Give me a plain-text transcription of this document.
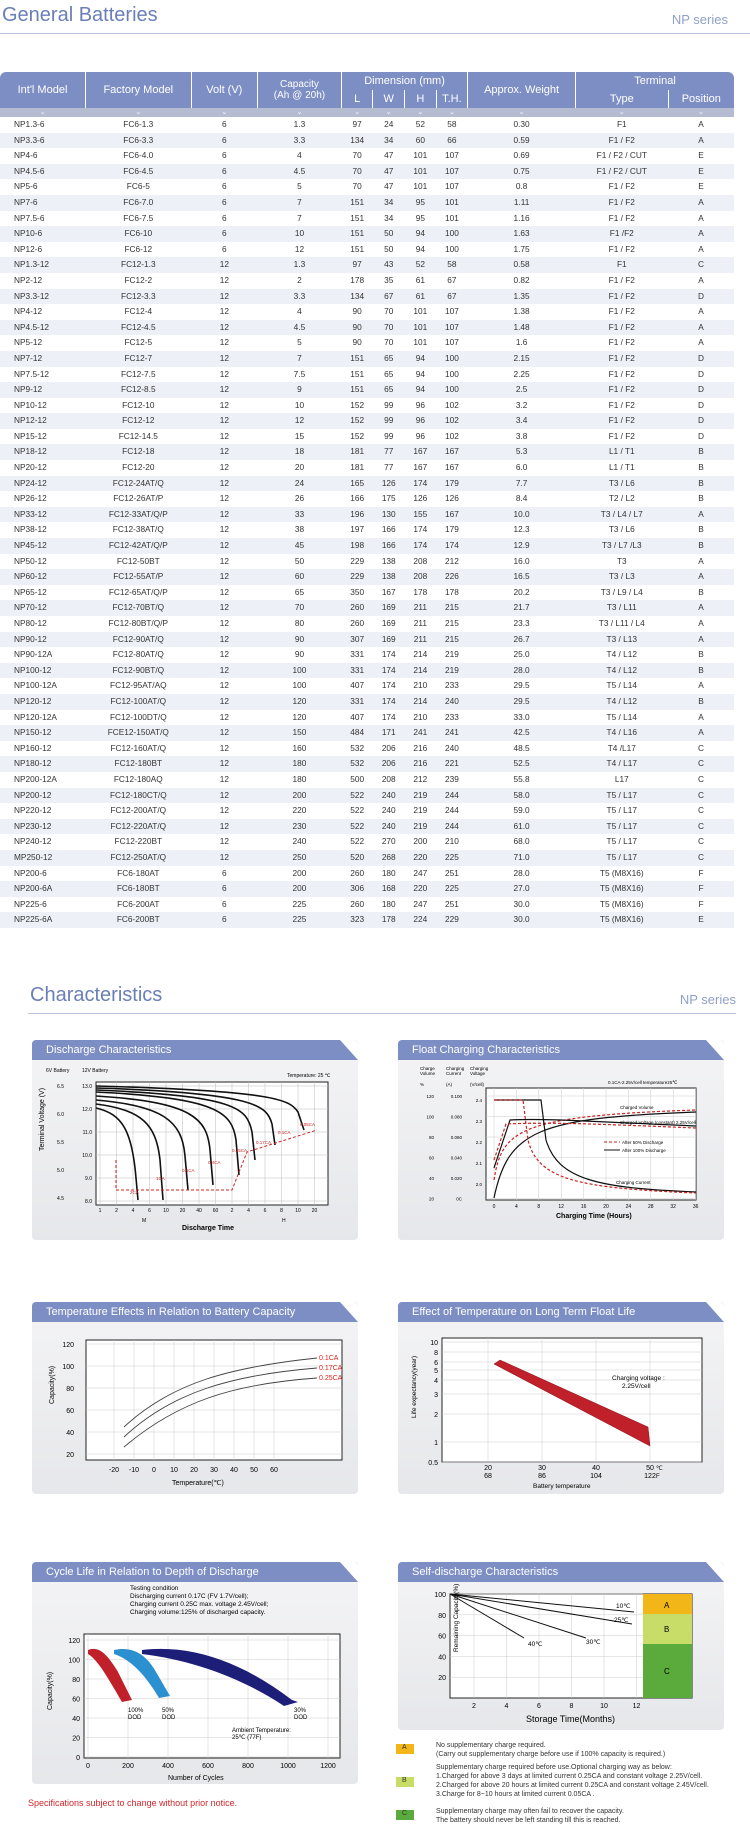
General Batteries	NP series
Int'l Model	Factory Model	Volt (V)	Capacity
(Ah @ 20h)	Dimension (mm)				Approx. Weight	Terminal	
				L	W	H	T.H.		Type	Position
⌄	⌄	⌄	⌄	⌄	⌄	⌄	⌄	⌄	⌄	⌄
NP1.3-6	FC6-1.3	6	1.3	97	24	52	58	0.30	F1	A
NP3.3-6	FC6-3.3	6	3.3	134	34	60	66	0.59	F1 / F2	A
NP4-6	FC6-4.0	6	4	70	47	101	107	0.69	F1 / F2 / CUT	E
NP4.5-6	FC6-4.5	6	4.5	70	47	101	107	0.75	F1 / F2 / CUT	E
NP5-6	FC6-5	6	5	70	47	101	107	0.8	F1 / F2	E
NP7-6	FC6-7.0	6	7	151	34	95	101	1.11	F1 / F2	A
NP7.5-6	FC6-7.5	6	7	151	34	95	101	1.16	F1 / F2	A
NP10-6	FC6-10	6	10	151	50	94	100	1.63	F1 /F2	A
NP12-6	FC6-12	6	12	151	50	94	100	1.75	F1 / F2	A
NP1.3-12	FC12-1.3	12	1.3	97	43	52	58	0.58	F1	C
NP2-12	FC12-2	12	2	178	35	61	67	0.82	F1 / F2	A
NP3.3-12	FC12-3.3	12	3.3	134	67	61	67	1.35	F1 / F2	D
NP4-12	FC12-4	12	4	90	70	101	107	1.38	F1 / F2	A
NP4.5-12	FC12-4.5	12	4.5	90	70	101	107	1.48	F1 / F2	A
NP5-12	FC12-5	12	5	90	70	101	107	1.6	F1 / F2	A
NP7-12	FC12-7	12	7	151	65	94	100	2.15	F1 / F2	D
NP7.5-12	FC12-7.5	12	7.5	151	65	94	100	2.25	F1 / F2	D
NP9-12	FC12-8.5	12	9	151	65	94	100	2.5	F1 / F2	D
NP10-12	FC12-10	12	10	152	99	96	102	3.2	F1 / F2	D
NP12-12	FC12-12	12	12	152	99	96	102	3.4	F1 / F2	D
NP15-12	FC12-14.5	12	15	152	99	96	102	3.8	F1 / F2	D
NP18-12	FC12-18	12	18	181	77	167	167	5.3	L1 / T1	B
NP20-12	FC12-20	12	20	181	77	167	167	6.0	L1 / T1	B
NP24-12	FC12-24AT/Q	12	24	165	126	174	179	7.7	T3 / L6	B
NP26-12	FC12-26AT/P	12	26	166	175	126	126	8.4	T2 / L2	B
NP33-12	FC12-33AT/Q/P	12	33	196	130	155	167	10.0	T3 / L4 / L7	A
NP38-12	FC12-38AT/Q	12	38	197	166	174	179	12.3	T3 / L6	B
NP45-12	FC12-42AT/Q/P	12	45	198	166	174	174	12.9	T3 / L7 /L3	B
NP50-12	FC12-50BT	12	50	229	138	208	212	16.0	T3	A
NP60-12	FC12-55AT/P	12	60	229	138	208	226	16.5	T3 / L3	A
NP65-12	FC12-65AT/Q/P	12	65	350	167	178	178	20.2	T3 / L9 / L4	B
NP70-12	FC12-70BT/Q	12	70	260	169	211	215	21.7	T3 / L11	A
NP80-12	FC12-80BT/Q/P	12	80	260	169	211	215	23.3	T3 / L11 / L4	A
NP90-12	FC12-90AT/Q	12	90	307	169	211	215	26.7	T3 / L13	A
NP90-12A	FC12-80AT/Q	12	90	331	174	214	219	25.0	T4 / L12	B
NP100-12	FC12-90BT/Q	12	100	331	174	214	219	28.0	T4 / L12	B
NP100-12A	FC12-95AT/AQ	12	100	407	174	210	233	29.5	T5 / L14	A
NP120-12	FC12-100AT/Q	12	120	331	174	214	240	29.5	T4 / L12	B
NP120-12A	FC12-100DT/Q	12	120	407	174	210	233	33.0	T5 / L14	A
NP150-12	FCE12-150AT/Q	12	150	484	171	241	241	42.5	T4 / L16	A
NP160-12	FC12-160AT/Q	12	160	532	206	216	240	48.5	T4 /L17	C
NP180-12	FC12-180BT	12	180	532	206	216	221	52.5	T4 / L17	C
NP200-12A	FC12-180AQ	12	180	500	208	212	239	55.8	L17	C
NP200-12	FC12-180CT/Q	12	200	522	240	219	244	58.0	T5 / L17	C
NP220-12	FC12-200AT/Q	12	220	522	240	219	244	59.0	T5 / L17	C
NP230-12	FC12-220AT/Q	12	230	522	240	219	244	61.0	T5 / L17	C
NP240-12	FC12-220BT	12	240	522	270	200	210	68.0	T5 / L17	C
MP250-12	FC12-250AT/Q	12	250	520	268	220	225	71.0	T5 / L17	C
NP200-6	FC6-180AT	6	200	260	180	247	251	28.0	T5 (M8X16)	F
NP200-6A	FC6-180BT	6	200	306	168	220	225	27.0	T5 (M8X16)	F
NP225-6	FC6-200AT	6	225	260	180	247	251	30.0	T5 (M8X16)	F
NP225-6A	FC6-200BT	6	225	323	178	224	229	30.0	T5 (M8X16)	E
Characteristics	NP series
Discharge Characteristics
6V Battery	12V Battery
Temperature: 25 ℃
6.5
6.0
5.5
5.0
4.5
13.0
12.0
11.0
10.0
9.0
8.0
1	2	4	6 10 20 40 60 2	4	6	8 10 20
2CA
1CA
0.6CA
0.4CA
0.25CA
0.17CA
0.1CA
0.05CA
Terminal Voltage (V)
Discharge Time
M	H
Float Charging Characteristics
Charge
Volume
Charging
Current
Charging
Voltage
%	(A)	(V/cell)	0.1CA-2.25V/cell temperature25℃
120
100
80
60
40
20
0.100
0.080
0.060
0.040
0.020
0C
2.4
2.3
2.2
2.1
2.0
0	4	8	12	16	20	24	28	32	36
Charged Volume
Charged Voltage (constant) 2.25V/cell
After 50% Discharge
After 100% Discharge
Charging Current
Charging Time (Hours)
Temperature Effects in Relation to Battery Capacity
120
100
80
60
40
20
-20 -10 0 10 20 30 40 50 60
0.1CA
0.17CA
0.25CA
Capacity(%)
Temperature(℃)
Effect of Temperature on Long Term Float Life
10
8
6
5
4
3
2
1
0.5
20	30	40	50
68	86	104	122
Charging voltage :
2.25V/cell
℃
F
Life expectancy(year)
Battery temperature
Cycle Life in Relation to Depth of Discharge
Testing condition
Discharging current 0.17C (FV 1.7V/cell);
Charging current 0.25C max. voltage 2.45V/cell;
Charging volume:125% of discharged capacity.
120
100
80
60
40
20
0
0	200	400	600	800	1000	1200
100%
DOD
50%
DOD
30%
DOD
Ambient Temperature:
25℃ (77F)
Capacity(%)
Number of Cycles
Self-discharge Characteristics
A
B
C
10℃
25℃
30℃
40℃
100
80
60
40
20
2	4	6	8	10	12
Remaining Capacity(%)
Storage Time(Months)
A	No supplementary charge required.
(Carry out supplementary charge before use if 100% capacity is required.)
B
Supplementary charge required before use.Optional charging way as below:
1.Charged for above 3 days at limited current 0.25CA and constant voltage 2.25V/cell.
2.Charged for above 20 hours at limited current 0.25CA and constant voltage 2.45V/cell.
3.Charge for 8~10 hours at limited current 0.05CA .
C	Supplementary charge may often fail to recover the capacity.
The battery should never be left standing till this is reached.
Specifications subject to change without prior notice.
